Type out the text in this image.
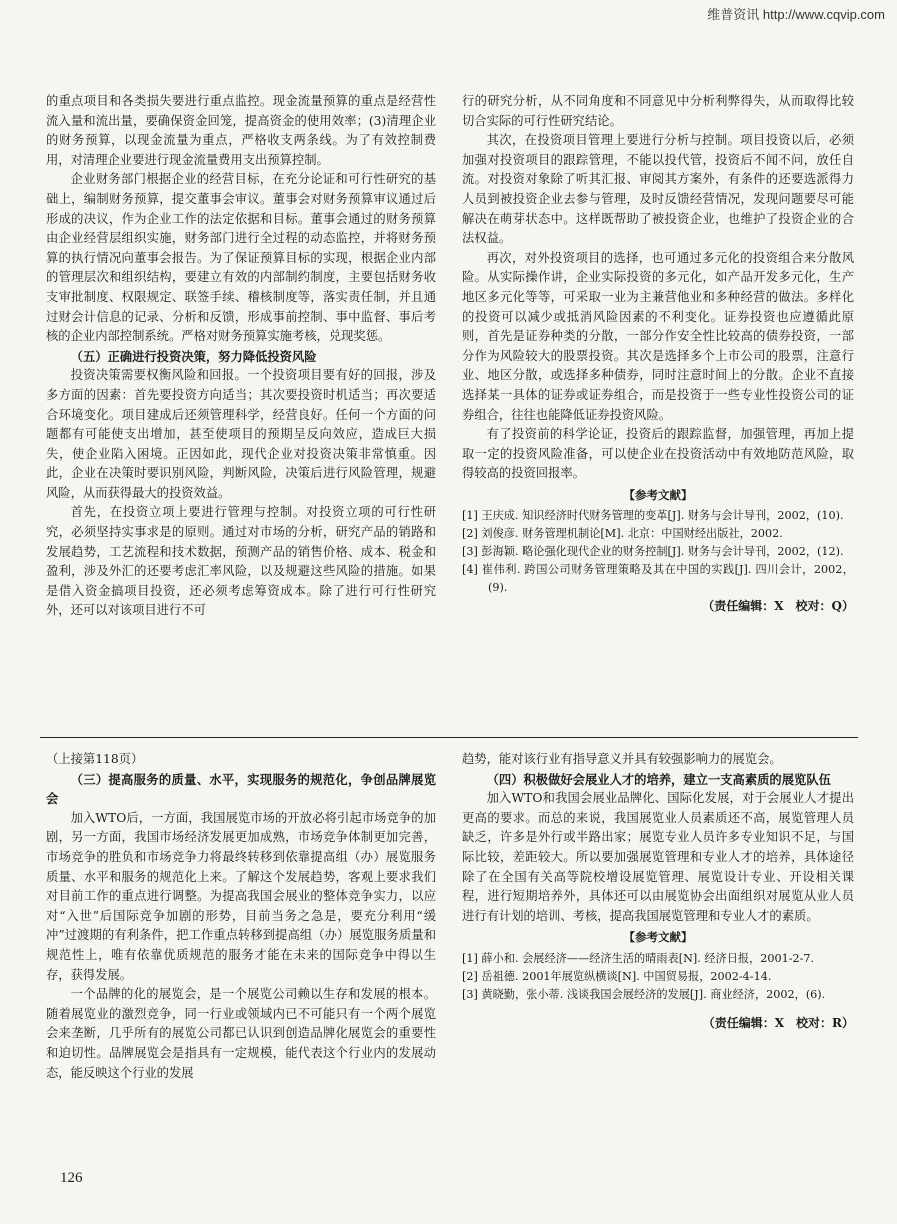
维普资讯 http://www.cqvip.com

的重点项目和各类损失要进行重点监控。现金流量预算的重点是经营性流入量和流出量，要确保资金回笼，提高资金的使用效率；(3)清理企业的财务预算，以现金流量为重点，严格收支两条线。为了有效控制费用，对清理企业要进行现金流量费用支出预算控制。

企业财务部门根据企业的经营目标，在充分论证和可行性研究的基础上，编制财务预算，提交董事会审议。董事会对财务预算审议通过后形成的决议，作为企业工作的法定依据和目标。董事会通过的财务预算由企业经营层组织实施，财务部门进行全过程的动态监控，并将财务预算的执行情况向董事会报告。为了保证预算目标的实现，根据企业内部的管理层次和组织结构，要建立有效的内部制约制度，主要包括财务收支审批制度、权限规定、联签手续、稽核制度等，落实责任制，并且通过财会计信息的记录、分析和反馈，形成事前控制、事中监督、事后考核的企业内部控制系统。严格对财务预算实施考核，兑现奖惩。

（五）正确进行投资决策，努力降低投资风险

投资决策需要权衡风险和回报。一个投资项目要有好的回报，涉及多方面的因素：首先要投资方向适当；其次要投资时机适当；再次要适合环境变化。项目建成后还须管理科学，经营良好。任何一个方面的问题都有可能使支出增加，甚至使项目的预期呈反向效应，造成巨大损失，使企业陷入困境。正因如此，现代企业对投资决策非常慎重。因此，企业在决策时要识别风险，判断风险，决策后进行风险管理，规避风险，从而获得最大的投资效益。

首先，在投资立项上要进行管理与控制。对投资立项的可行性研究，必须坚持实事求是的原则。通过对市场的分析，研究产品的销路和发展趋势，工艺流程和技术数据，预测产品的销售价格、成本、税金和盈利，涉及外汇的还要考虑汇率风险，以及规避这些风险的措施。如果是借入资金搞项目投资，还必须考虑筹资成本。除了进行可行性研究外，还可以对该项目进行不可

行的研究分析，从不同角度和不同意见中分析利弊得失，从而取得比较切合实际的可行性研究结论。

其次，在投资项目管理上要进行分析与控制。项目投资以后，必须加强对投资项目的跟踪管理，不能以投代管，投资后不闻不问，放任自流。对投资对象除了听其汇报、审阅其方案外，有条件的还要选派得力人员到被投资企业去参与管理，及时反馈经营情况，发现问题要尽可能解决在萌芽状态中。这样既帮助了被投资企业，也维护了投资企业的合法权益。

再次，对外投资项目的选择，也可通过多元化的投资组合来分散风险。从实际操作讲，企业实际投资的多元化，如产品开发多元化，生产地区多元化等等，可采取一业为主兼营他业和多种经营的做法。多样化的投资可以减少或抵消风险因素的不利变化。证券投资也应遵循此原则，首先是证券种类的分散，一部分作安全性比较高的债券投资，一部分作为风险较大的股票投资。其次是选择多个上市公司的股票，注意行业、地区分散，或选择多种债券，同时注意时间上的分散。企业不直接选择某一具体的证券或证券组合，而是投资于一些专业性投资公司的证券组合，往往也能降低证券投资风险。

有了投资前的科学论证，投资后的跟踪监督，加强管理，再加上提取一定的投资风险准备，可以使企业在投资活动中有效地防范风险，取得较高的投资回报率。

【参考文献】
[1] 王庆成. 知识经济时代财务管理的变革[J]. 财务与会计导刊，2002，(10).
[2] 刘俊彦. 财务管理机制论[M]. 北京：中国财经出版社，2002.
[3] 彭海颖. 略论强化现代企业的财务控制[J]. 财务与会计导刊，2002，(12).
[4] 崔伟利. 跨国公司财务管理策略及其在中国的实践[J]. 四川会计，2002，(9).
（责任编辑：X　校对：Q）

（上接第118页）

（三）提高服务的质量、水平，实现服务的规范化，争创品牌展览会

加入WTO后，一方面，我国展览市场的开放必将引起市场竞争的加剧，另一方面，我国市场经济发展更加成熟，市场竞争体制更加完善，市场竞争的胜负和市场竞争力将最终转移到依靠提高组（办）展览服务质量、水平和服务的规范化上来。了解这个发展趋势，客观上要求我们对目前工作的重点进行调整。为提高我国会展业的整体竞争实力，以应对“入世”后国际竞争加剧的形势，目前当务之急是，要充分利用“缓冲”过渡期的有利条件，把工作重点转移到提高组（办）展览服务质量和规范性上，唯有依靠优质规范的服务才能在未来的国际竞争中得以生存，获得发展。

一个品牌的化的展览会，是一个展览公司赖以生存和发展的根本。随着展览业的激烈竞争，同一行业或领域内已不可能只有一个两个展览会来垄断，几乎所有的展览公司都已认识到创造品牌化展览会的重要性和迫切性。品牌展览会是指具有一定规模，能代表这个行业内的发展动态，能反映这个行业的发展

趋势，能对该行业有指导意义并具有较强影响力的展览会。

（四）积极做好会展业人才的培养，建立一支高素质的展览队伍

加入WTO和我国会展业品牌化、国际化发展，对于会展业人才提出更高的要求。而总的来说，我国展览业人员素质还不高，展览管理人员缺乏，许多是外行或半路出家；展览专业人员许多专业知识不足，与国际比较，差距较大。所以要加强展览管理和专业人才的培养，具体途径除了在全国有关高等院校增设展览管理、展览设计专业、开设相关课程，进行短期培养外，具体还可以由展览协会出面组织对展览从业人员进行有计划的培训、考核，提高我国展览管理和专业人才的素质。

【参考文献】
[1] 薛小和. 会展经济——经济生活的晴雨表[N]. 经济日报，2001-2-7.
[2] 岳祖德. 2001年展览纵横谈[N]. 中国贸易报，2002-4-14.
[3] 黄晓勤，张小蒂. 浅谈我国会展经济的发展[J]. 商业经济，2002，(6).
（责任编辑：X　校对：R）
126
